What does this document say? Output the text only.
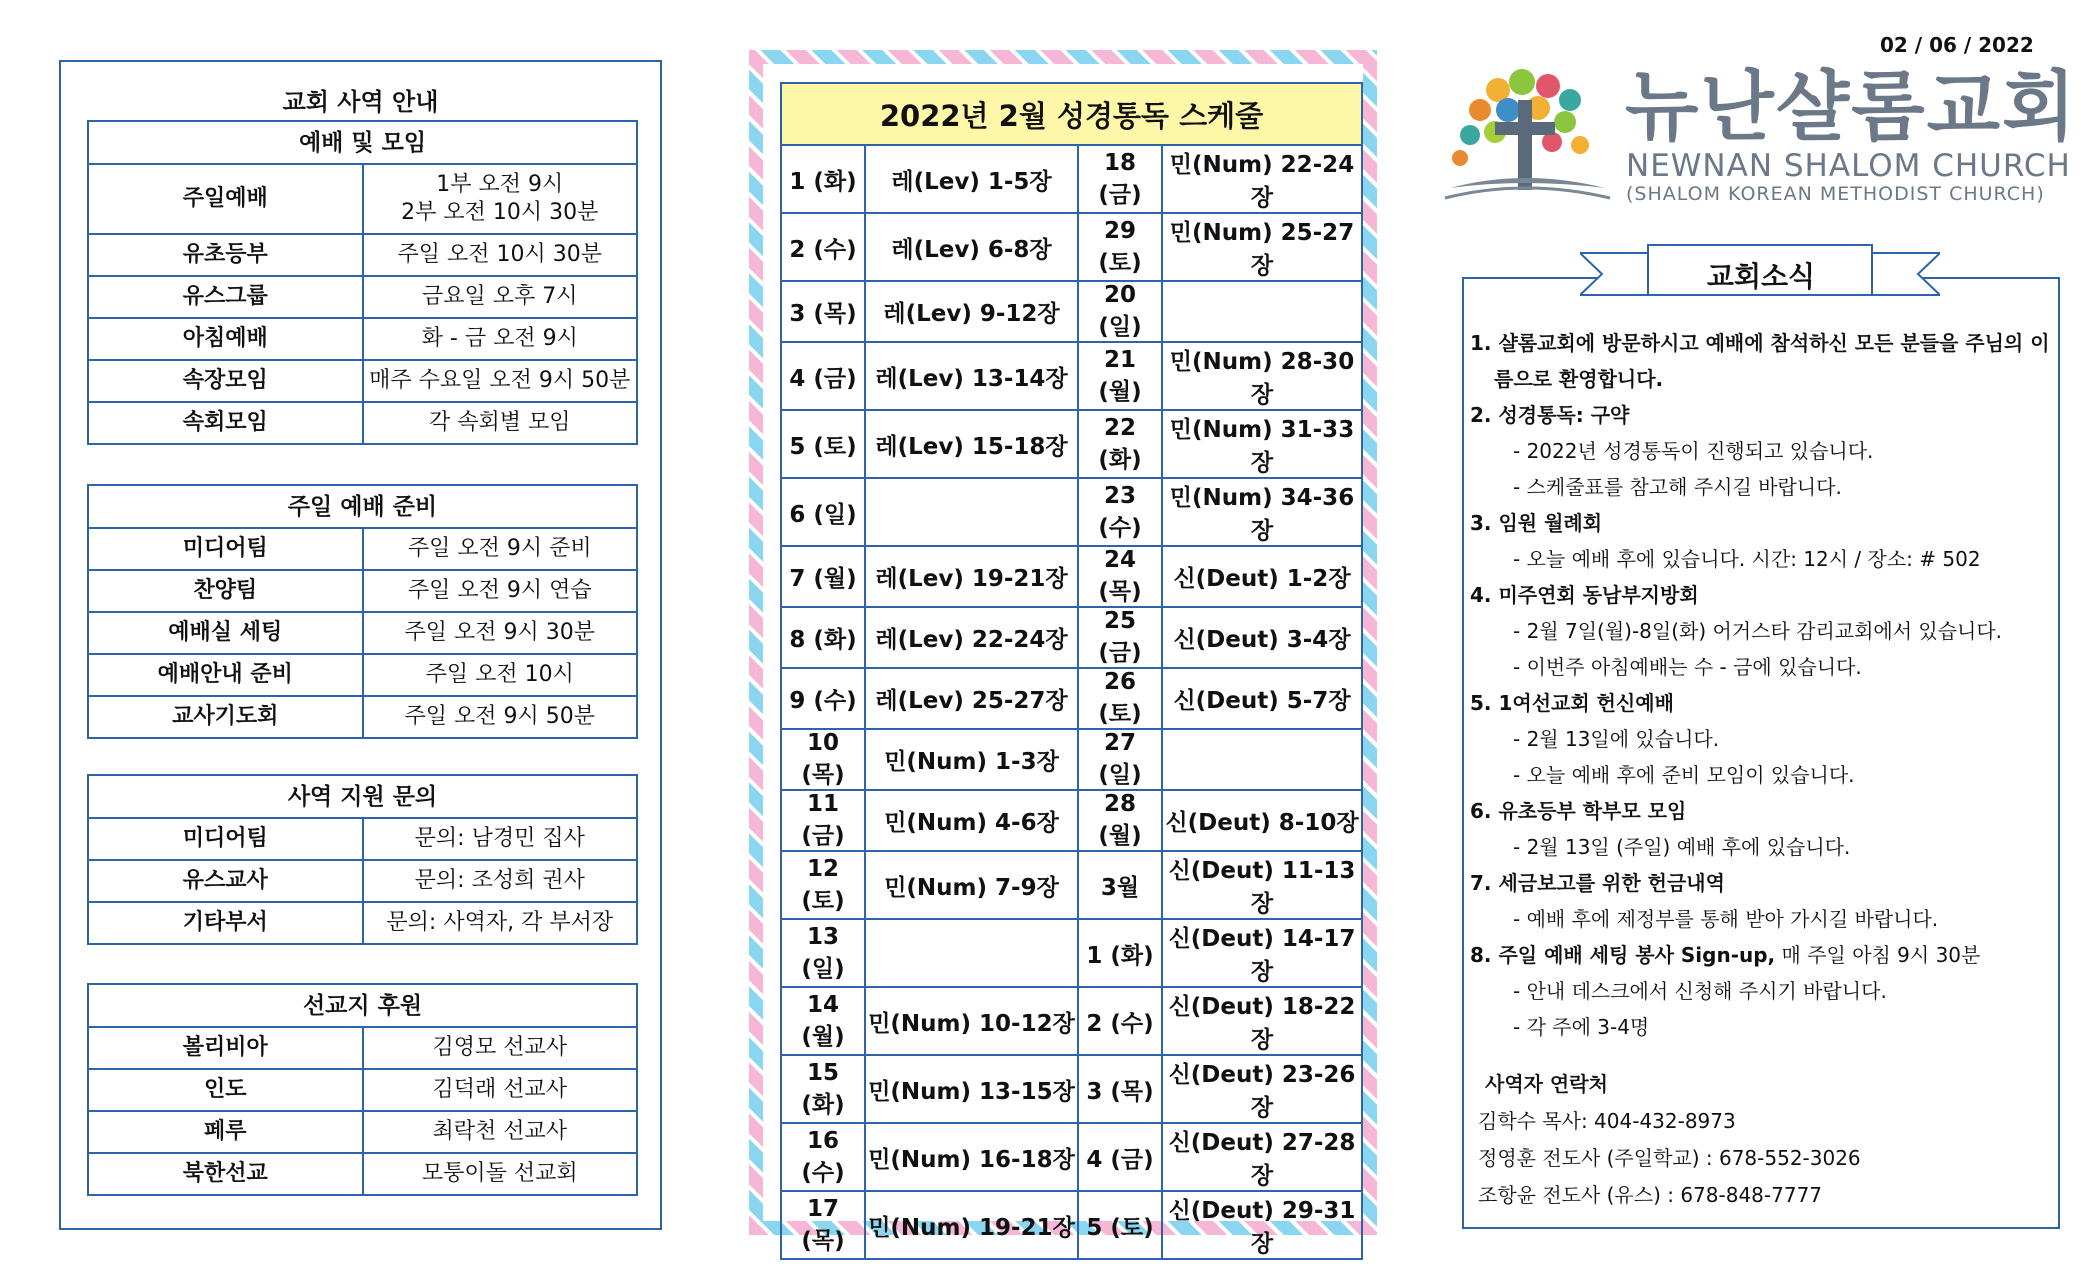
교회 사역 안내
예배 및 모임	
주일예배	1부 오전 9시
2부 오전 10시 30분

유초등부	주일 오전 10시 30분

유스그룹	금요일 오후 7시

아침예배	화 - 금 오전 9시

속장모임	매주 수요일 오전 9시 50분

속회모임	각 속회별 모임
주일 예배 준비	
미디어팀	주일 오전 9시 준비

찬양팀	주일 오전 9시 연습

예배실 세팅	주일 오전 9시 30분

예배안내 준비	주일 오전 10시

교사기도회	주일 오전 9시 50분
사역 지원 문의	
미디어팀	문의: 남경민 집사

유스교사	문의: 조성희 권사

기타부서	문의: 사역자, 각 부서장
선교지 후원	
볼리비아	김영모 선교사

인도	김덕래 선교사

페루	최락천 선교사

북한선교	모퉁이돌 선교회
2022년 2월 성경통독 스케줄
1 (화)	레(Lev) 1-5장	18 (금)	민(Num) 22-24장
2 (수)	레(Lev) 6-8장	29 (토)	민(Num) 25-27장
3 (목)	레(Lev) 9-12장	20 (일)	
4 (금)	레(Lev) 13-14장	21 (월)	민(Num) 28-30장
5 (토)	레(Lev) 15-18장	22 (화)	민(Num) 31-33장
6 (일)		23 (수)	민(Num) 34-36장
7 (월)	레(Lev) 19-21장	24 (목)	신(Deut) 1-2장
8 (화)	레(Lev) 22-24장	25 (금)	신(Deut) 3-4장
9 (수)	레(Lev) 25-27장	26 (토)	신(Deut) 5-7장
10 (목)	민(Num) 1-3장	27 (일)	
11 (금)	민(Num) 4-6장	28 (월)	신(Deut) 8-10장
12 (토)	민(Num) 7-9장	3월	신(Deut) 11-13장
13 (일)		1 (화)	신(Deut) 14-17장
14 (월)	민(Num) 10-12장	2 (수)	신(Deut) 18-22장
15 (화)	민(Num) 13-15장	3 (목)	신(Deut) 23-26장
16 (수)	민(Num) 16-18장	4 (금)	신(Deut) 27-28장
17 (목)	민(Num) 19-21장	5 (토)	신(Deut) 29-31장
02 / 06 / 2022
뉴난샬롬교회
NEWNAN SHALOM CHURCH
(SHALOM KOREAN METHODIST CHURCH)
교회소식
1. 샬롬교회에 방문하시고 예배에 참석하신 모든 분들을 주님의 이름으로 환영합니다.
2. 성경통독: 구약
- 2022년 성경통독이 진행되고 있습니다.
- 스케줄표를 참고해 주시길 바랍니다.
3. 임원 월례회
- 오늘 예배 후에 있습니다. 시간: 12시 / 장소: # 502
4. 미주연회 동남부지방회
- 2월 7일(월)-8일(화) 어거스타 감리교회에서 있습니다.
- 이번주 아침예배는 수 - 금에 있습니다.
5. 1여선교회 헌신예배
- 2월 13일에 있습니다.
- 오늘 예배 후에 준비 모임이 있습니다.
6. 유초등부 학부모 모임
- 2월 13일 (주일) 예배 후에 있습니다.
7. 세금보고를 위한 헌금내역
- 예배 후에 제정부를 통해 받아 가시길 바랍니다.
8. 주일 예배 세팅 봉사 Sign-up, 매 주일 아침 9시 30분
- 안내 데스크에서 신청해 주시기 바랍니다.
- 각 주에 3-4명
사역자 연락처
김학수 목사: 404-432-8973
정영훈 전도사 (주일학교) : 678-552-3026
조항윤 전도사 (유스) : 678-848-7777
